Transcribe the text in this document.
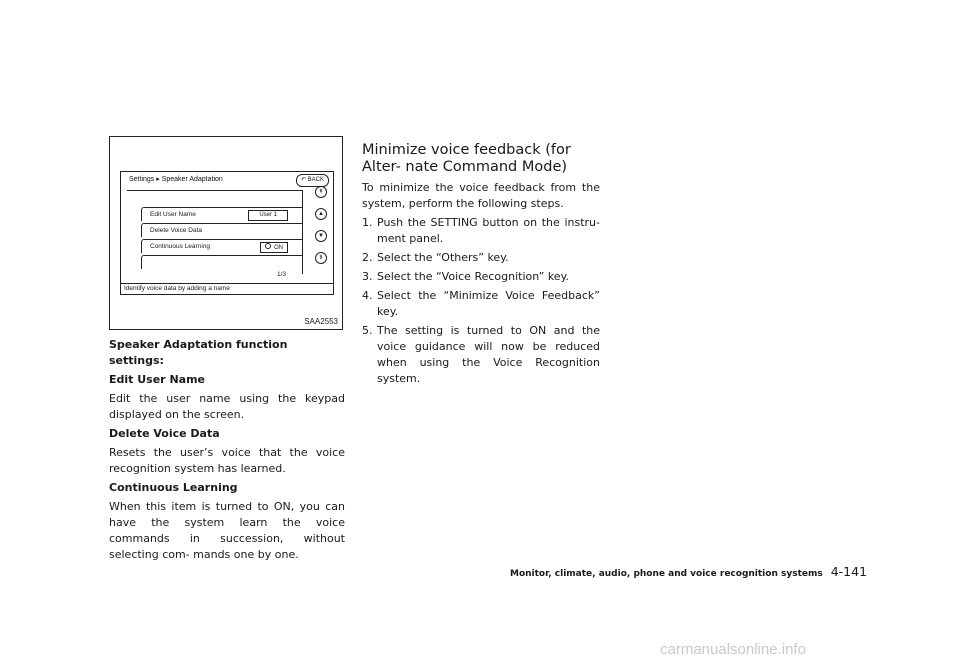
Settings ▸ Speaker Adaptation	↶ BACK
Edit User Name	User 1
Delete Voice Data
Continuous Learning	ON
1/3
⇞
▲
▼
⇟
Identify voice data by adding a name
SAA2553

Speaker Adaptation function settings:

Edit User Name

Edit the user name using the keypad displayed on the screen.

Delete Voice Data

Resets the user’s voice that the voice recognition system has learned.

Continuous Learning

When this item is turned to ON, you can have the system learn the voice commands in succession, without selecting com- mands one by one.

Minimize voice feedback (for Alter- nate Command Mode)

To minimize the voice feedback from the system, perform the following steps.

1. Push the SETTING button on the instru- ment panel.
2. Select the “Others” key.
3. Select the “Voice Recognition” key.
4. Select the “Minimize Voice Feedback” key.
5. The setting is turned to ON and the voice guidance will now be reduced when using the Voice Recognition system.
Monitor, climate, audio, phone and voice recognition systems 4-141
carmanualsonline.info
